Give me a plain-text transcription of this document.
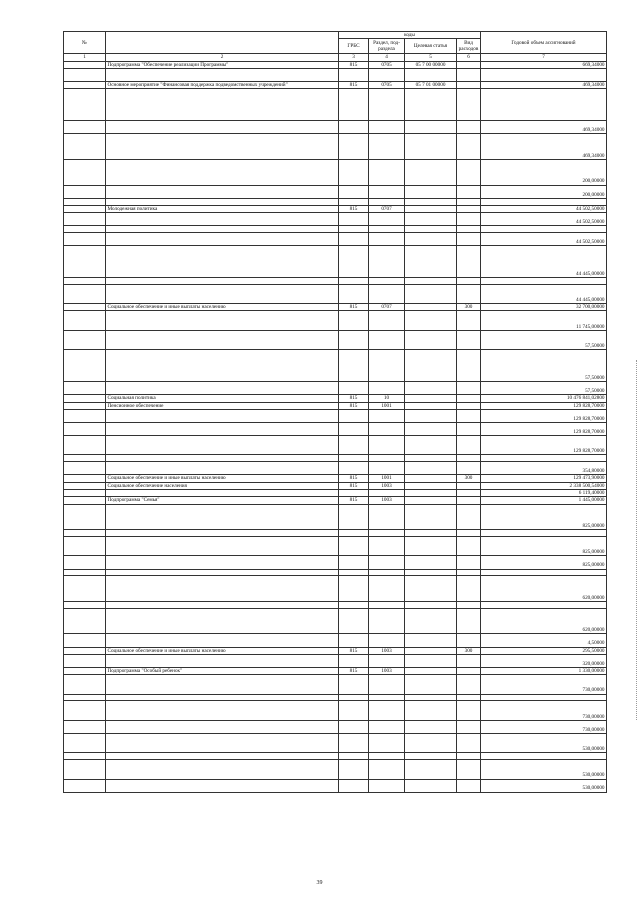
№		коды				Годовой объем ассигнований
		ГРБС	Раздел, под-раздела	Целевая статья	Вид расходов	
1	2	3	4	5	6	7
	Подпрограмма "Обеспечение реализации Программы"	815	0705	05 7 00 00000		669,34000

	Основное мероприятие "Финансовая поддержка подведомственных учреждений"	815	0705	05 7 01 00000		469,34000

						469,34000
						469,34000
						200,00000
						200,00000

	Молодежная политика	815	0707			44 502,50000
						44 502,50000

						44 502,50000
						44 445,00000

						44 445,00000
	Социальное обеспечение и иные выплаты населению	815	0707		300	32 700,00000
						11 745,00000
						57,50000
						57,50000
						57,50000
	Социальная политика	815	10			10 476 841,02800
	Пенсионное обеспечение	815	1001			129 828,70000
						129 828,70000
						129 828,70000
						129 828,70000

						354,80000
	Социальное обеспечение и иные выплаты населению	815	1001		300	129 473,90000
	Социальное обеспечение населения	815	1003			2 338 500,54000
						6 119,40000
	Подпрограмма "Семья"	815	1003			1 445,00000
						825,00000

						825,00000
						825,00000

						620,00000

						620,00000
						4,50000
	Социальное обеспечение и иные выплаты населению	815	1003		300	295,50000
						320,00000
	Подпрограмма "Особый ребенок"	815	1003			1 330,00000
						730,00000

						730,00000
						730,00000
						530,00000

						530,00000
						530,00000
39
